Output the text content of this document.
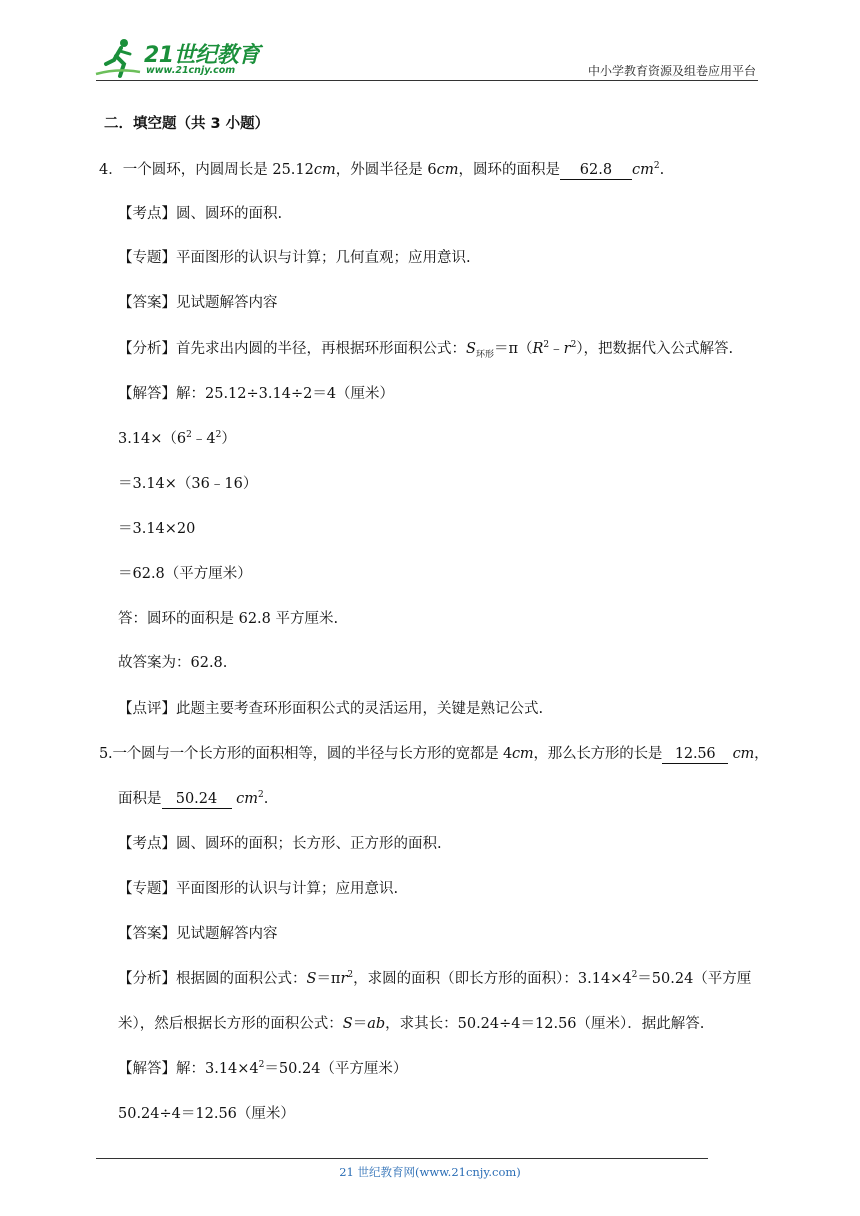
21世纪教育
www.21cnjy.com	中小学教育资源及组卷应用平台
二．填空题（共 3 小题）
4．一个圆环，内圆周长是 25.12cm，外圆半径是 6cm，圆环的面积是 62.8 $cm^2$.
【考点】圆、圆环的面积.
【专题】平面图形的认识与计算；几何直观；应用意识.
【答案】见试题解答内容
【分析】首先求出内圆的半径，再根据环形面积公式：$S_{环形}=\pi(R^2﹣r^2)$，把数据代入公式解答.
【解答】解：25.12÷3.14÷2＝4（厘米）
$3.14\times(6^2﹣4^2)$
＝3.14×（36﹣16）
＝3.14×20
＝62.8（平方厘米）
答：圆环的面积是 62.8 平方厘米.
故答案为：62.8.
【点评】此题主要考查环形面积公式的灵活运用，关键是熟记公式.
5.一个圆与一个长方形的面积相等，圆的半径与长方形的宽都是 4cm，那么长方形的长是 12.56 cm，
面积是 50.24 $cm^2$.
【考点】圆、圆环的面积；长方形、正方形的面积.
【专题】平面图形的认识与计算；应用意识.
【答案】见试题解答内容
【分析】根据圆的面积公式：$S=\pi r^2$，求圆的面积（即长方形的面积）：$3.14\times 4^2=50.24$（平方厘
米），然后根据长方形的面积公式：S＝ab，求其长：50.24÷4＝12.56（厘米）．据此解答.
【解答】解：$3.14\times 4^2=50.24$（平方厘米）
50.24÷4＝12.56（厘米）
21 世纪教育网(www.21cnjy.com)
